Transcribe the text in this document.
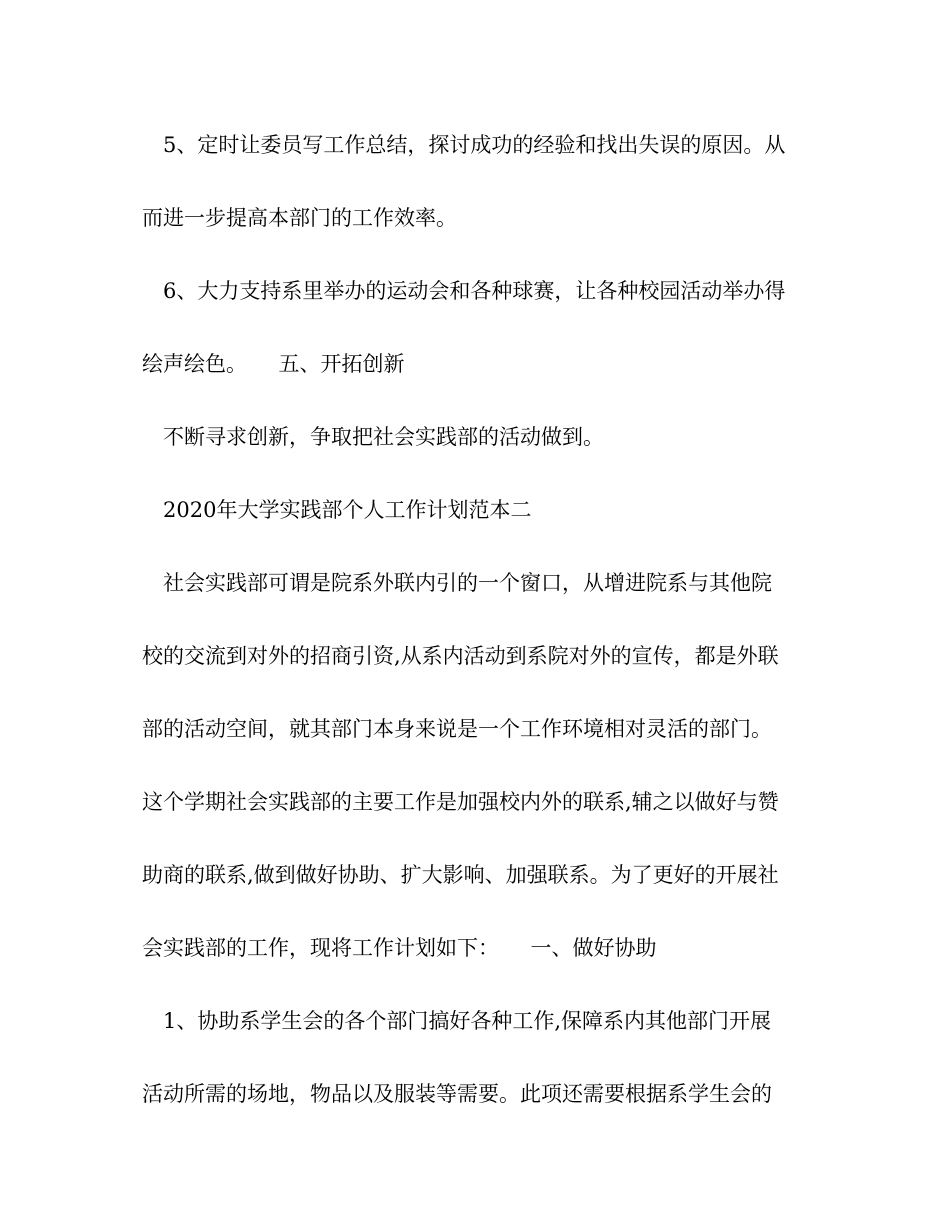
5、定时让委员写工作总结，探讨成功的经验和找出失误的原因。从
而进一步提高本部门的工作效率。
6、大力支持系里举办的运动会和各种球赛，让各种校园活动举办得
绘声绘色。　　五、开拓创新
不断寻求创新，争取把社会实践部的活动做到。
2020年大学实践部个人工作计划范本二
社会实践部可谓是院系外联内引的一个窗口，从增进院系与其他院
校的交流到对外的招商引资,从系内活动到系院对外的宣传，都是外联
部的活动空间，就其部门本身来说是一个工作环境相对灵活的部门。
这个学期社会实践部的主要工作是加强校内外的联系,辅之以做好与赞
助商的联系,做到做好协助、扩大影响、加强联系。为了更好的开展社
会实践部的工作，现将工作计划如下：　　一、做好协助
1、协助系学生会的各个部门搞好各种工作,保障系内其他部门开展
活动所需的场地，物品以及服装等需要。此项还需要根据系学生会的
